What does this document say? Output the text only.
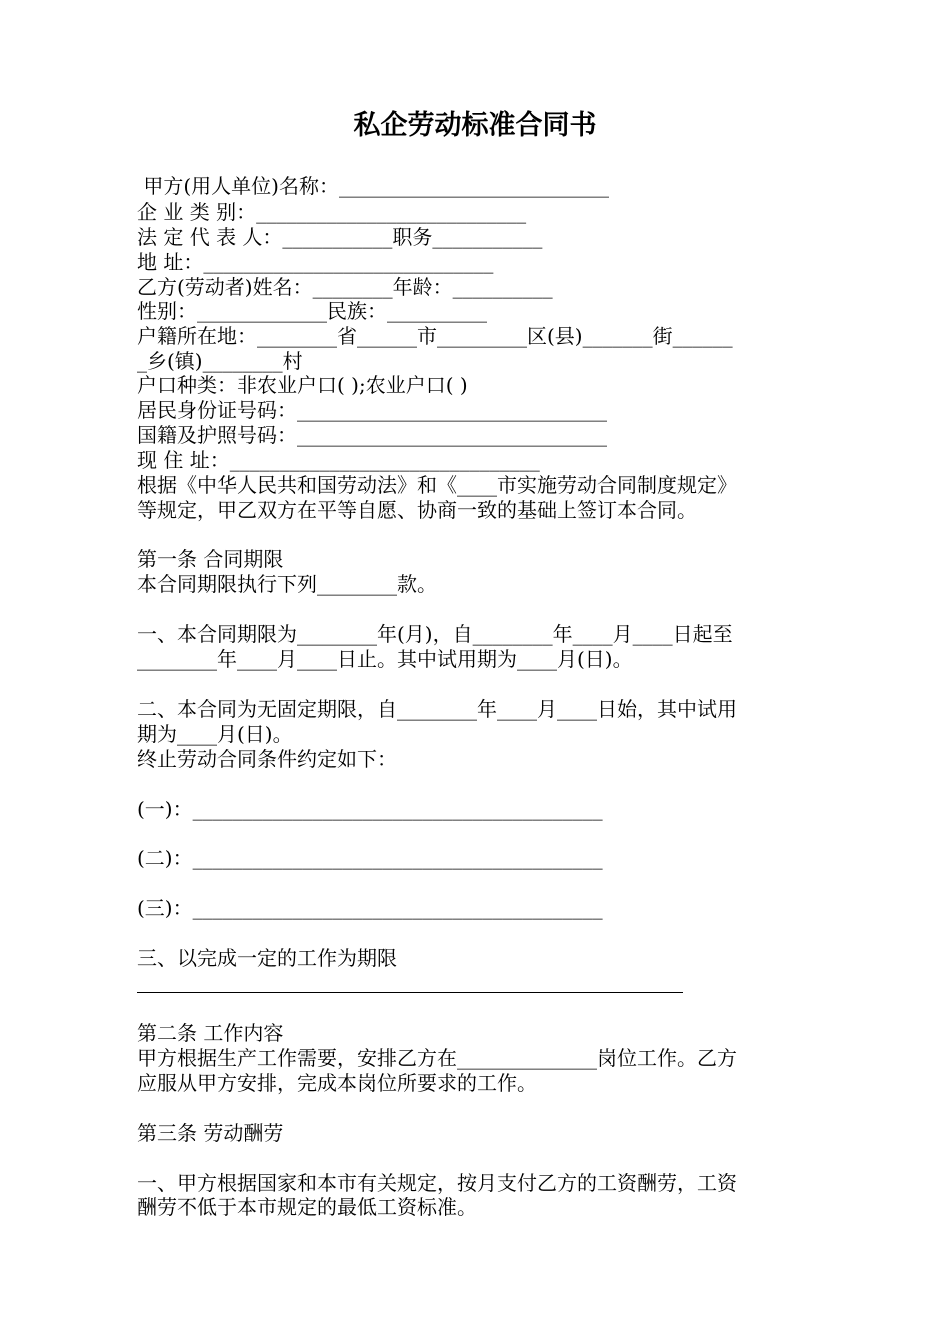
私企劳动标准合同书
甲方(用人单位)名称：___________________________
企 业 类 别：___________________________
法 定 代 表 人：___________职务___________
地 址：_____________________________
乙方(劳动者)姓名：________年龄：__________
性别：_____________民族：__________
户籍所在地：________省______市_________区(县)_______街______
_乡(镇)________村
户口种类：非农业户口( );农业户口( )
居民身份证号码：_______________________________
国籍及护照号码：_______________________________
现 住 址：_______________________________
根据《中华人民共和国劳动法》和《____市实施劳动合同制度规定》
等规定，甲乙双方在平等自愿、协商一致的基础上签订本合同。
第一条 合同期限
本合同期限执行下列________款。
一、本合同期限为________年(月)，自________年____月____日起至
________年____月____日止。其中试用期为____月(日)。
二、本合同为无固定期限，自________年____月____日始，其中试用
期为____月(日)。
终止劳动合同条件约定如下：
(一)：_________________________________________
(二)：_________________________________________
(三)：_________________________________________
三、以完成一定的工作为期限
第二条 工作内容
甲方根据生产工作需要，安排乙方在______________岗位工作。乙方
应服从甲方安排，完成本岗位所要求的工作。
第三条 劳动酬劳
一、甲方根据国家和本市有关规定，按月支付乙方的工资酬劳，工资
酬劳不低于本市规定的最低工资标准。
